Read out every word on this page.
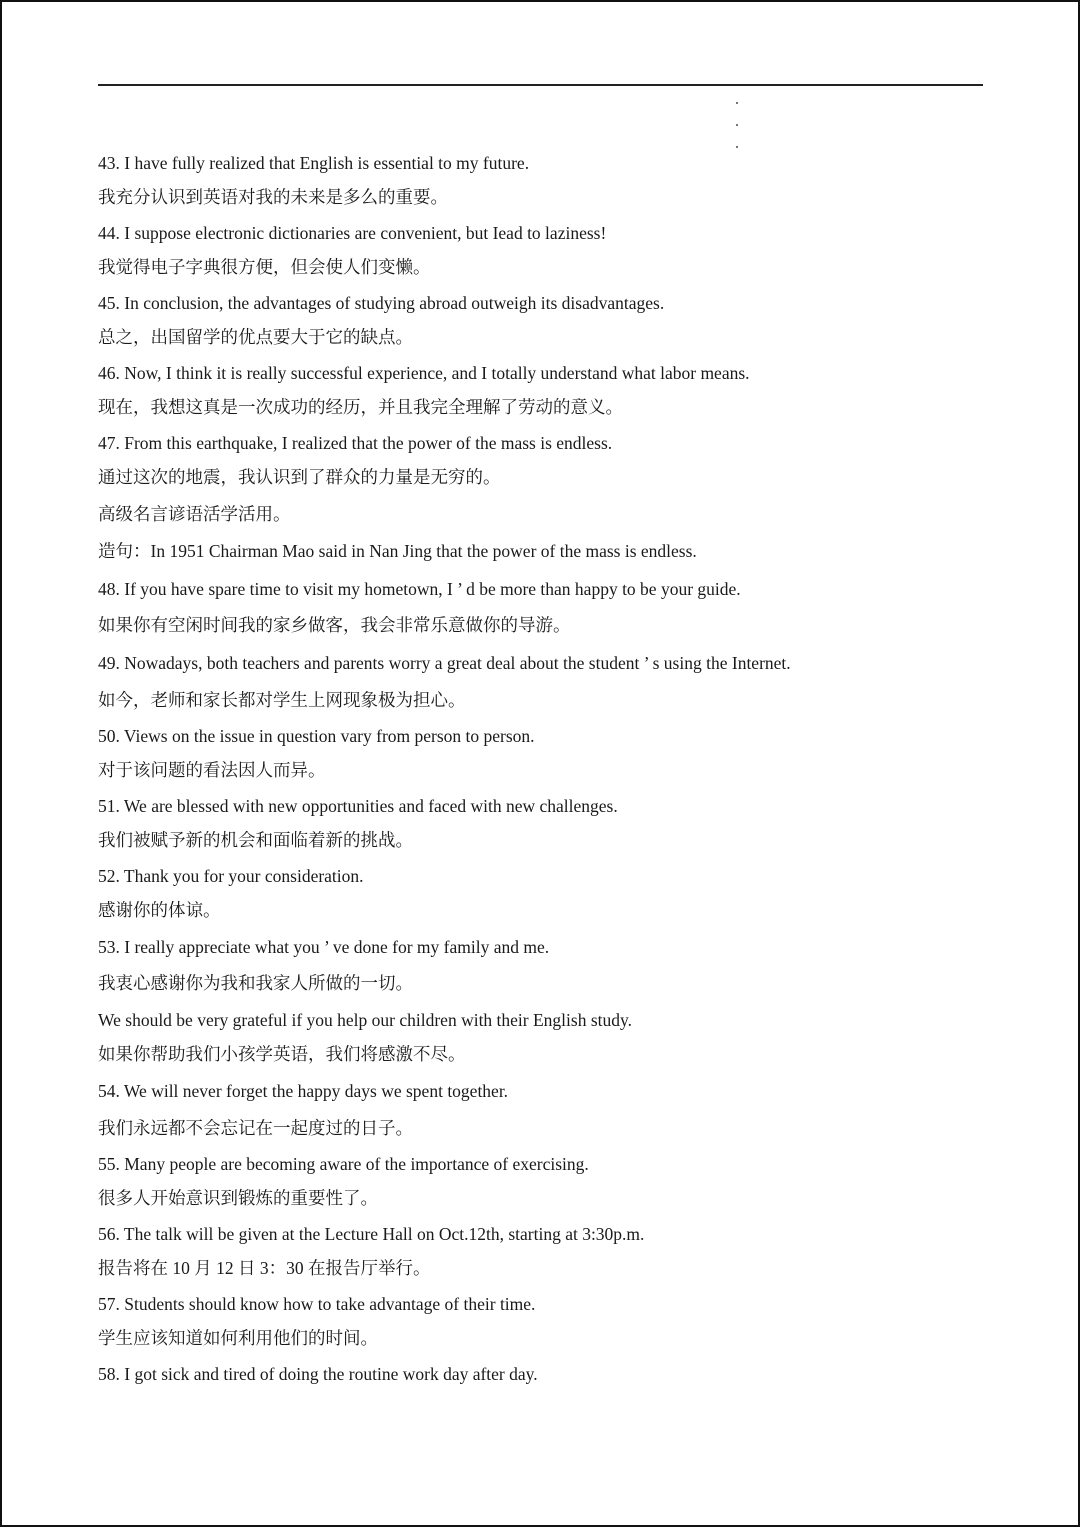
43. I have fully realized that English is essential to my future.
我充分认识到英语对我的未来是多么的重要。
44. I suppose electronic dictionaries are convenient, but Iead to laziness!
我觉得电子字典很方便，但会使人们变懒。
45. In conclusion, the advantages of studying abroad outweigh its disadvantages.
总之，出国留学的优点要大于它的缺点。
46. Now, I think it is really successful experience, and I totally understand what labor means.
现在，我想这真是一次成功的经历，并且我完全理解了劳动的意义。
47. From this earthquake, I realized that the power of the mass is endless.
通过这次的地震，我认识到了群众的力量是无穷的。
高级名言谚语活学活用。
造句：In 1951 Chairman Mao said in Nan Jing that the power of the mass is endless.
48. If you have spare time to visit my hometown, I ’ d be more than happy to be your guide.
如果你有空闲时间我的家乡做客，我会非常乐意做你的导游。
49. Nowadays, both teachers and parents worry a great deal about the student ’ s using the Internet.
如今，老师和家长都对学生上网现象极为担心。
50. Views on the issue in question vary from person to person.
对于该问题的看法因人而异。
51. We are blessed with new opportunities and faced with new challenges.
我们被赋予新的机会和面临着新的挑战。
52. Thank you for your consideration.
感谢你的体谅。
53. I really appreciate what you ’ ve done for my family and me.
我衷心感谢你为我和我家人所做的一切。
We should be very grateful if you help our children with their English study.
如果你帮助我们小孩学英语，我们将感激不尽。
54. We will never forget the happy days we spent together.
我们永远都不会忘记在一起度过的日子。
55. Many people are becoming aware of the importance of exercising.
很多人开始意识到锻炼的重要性了。
56. The talk will be given at the Lecture Hall on Oct.12th, starting at 3:30p.m.
报告将在 10 月 12 日 3：30 在报告厅举行。
57. Students should know how to take advantage of their time.
学生应该知道如何利用他们的时间。
58. I got sick and tired of doing the routine work day after day.
